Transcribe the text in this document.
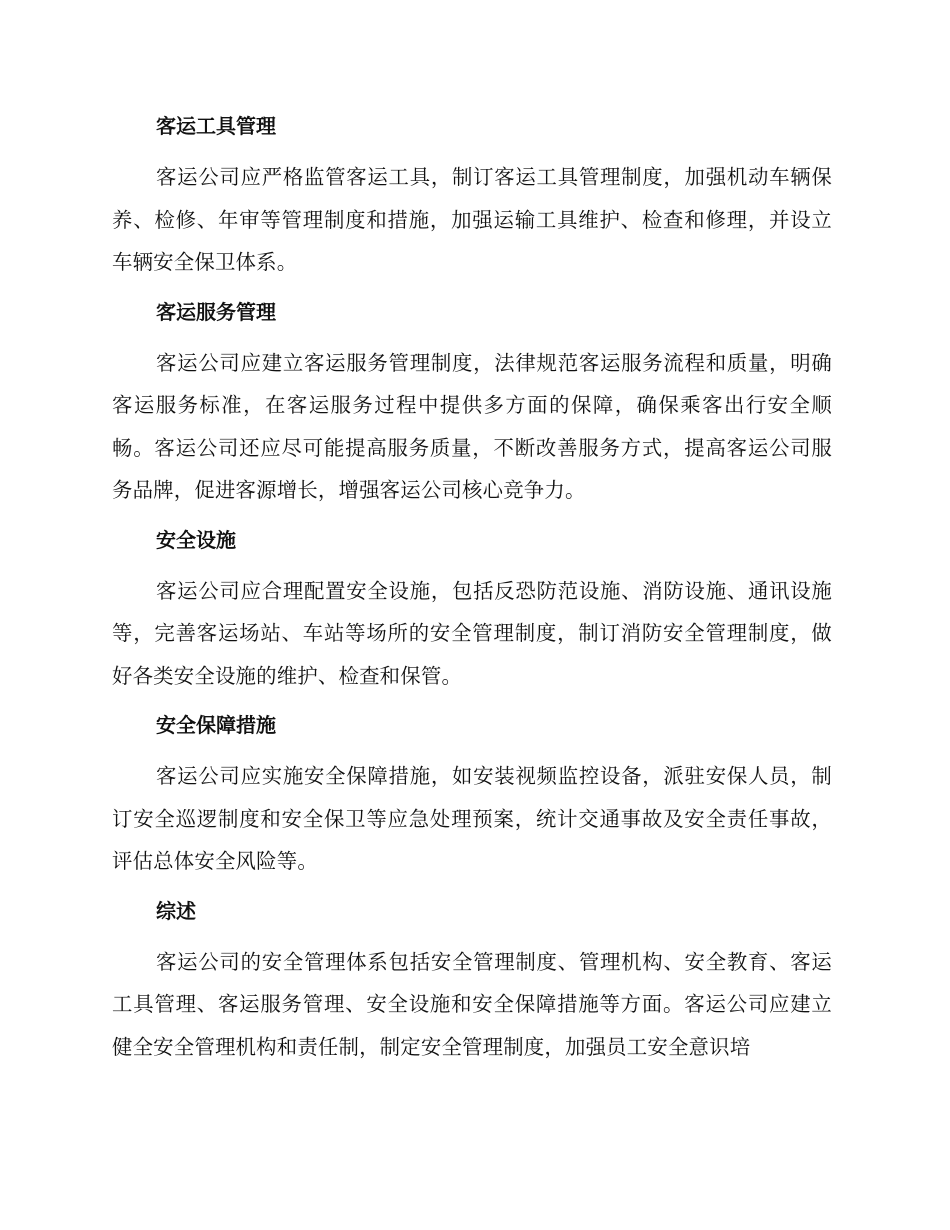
客运工具管理

客运公司应严格监管客运工具，制订客运工具管理制度，加强机动车辆保养、检修、年审等管理制度和措施，加强运输工具维护、检查和修理，并设立车辆安全保卫体系。

客运服务管理

客运公司应建立客运服务管理制度，法律规范客运服务流程和质量，明确客运服务标准，在客运服务过程中提供多方面的保障，确保乘客出行安全顺畅。客运公司还应尽可能提高服务质量，不断改善服务方式，提高客运公司服务品牌，促进客源增长，增强客运公司核心竞争力。

安全设施

客运公司应合理配置安全设施，包括反恐防范设施、消防设施、通讯设施等，完善客运场站、车站等场所的安全管理制度，制订消防安全管理制度，做好各类安全设施的维护、检查和保管。

安全保障措施

客运公司应实施安全保障措施，如安装视频监控设备，派驻安保人员，制订安全巡逻制度和安全保卫等应急处理预案，统计交通事故及安全责任事故，评估总体安全风险等。

综述

客运公司的安全管理体系包括安全管理制度、管理机构、安全教育、客运工具管理、客运服务管理、安全设施和安全保障措施等方面。客运公司应建立健全安全管理机构和责任制，制定安全管理制度，加强员工安全意识培
